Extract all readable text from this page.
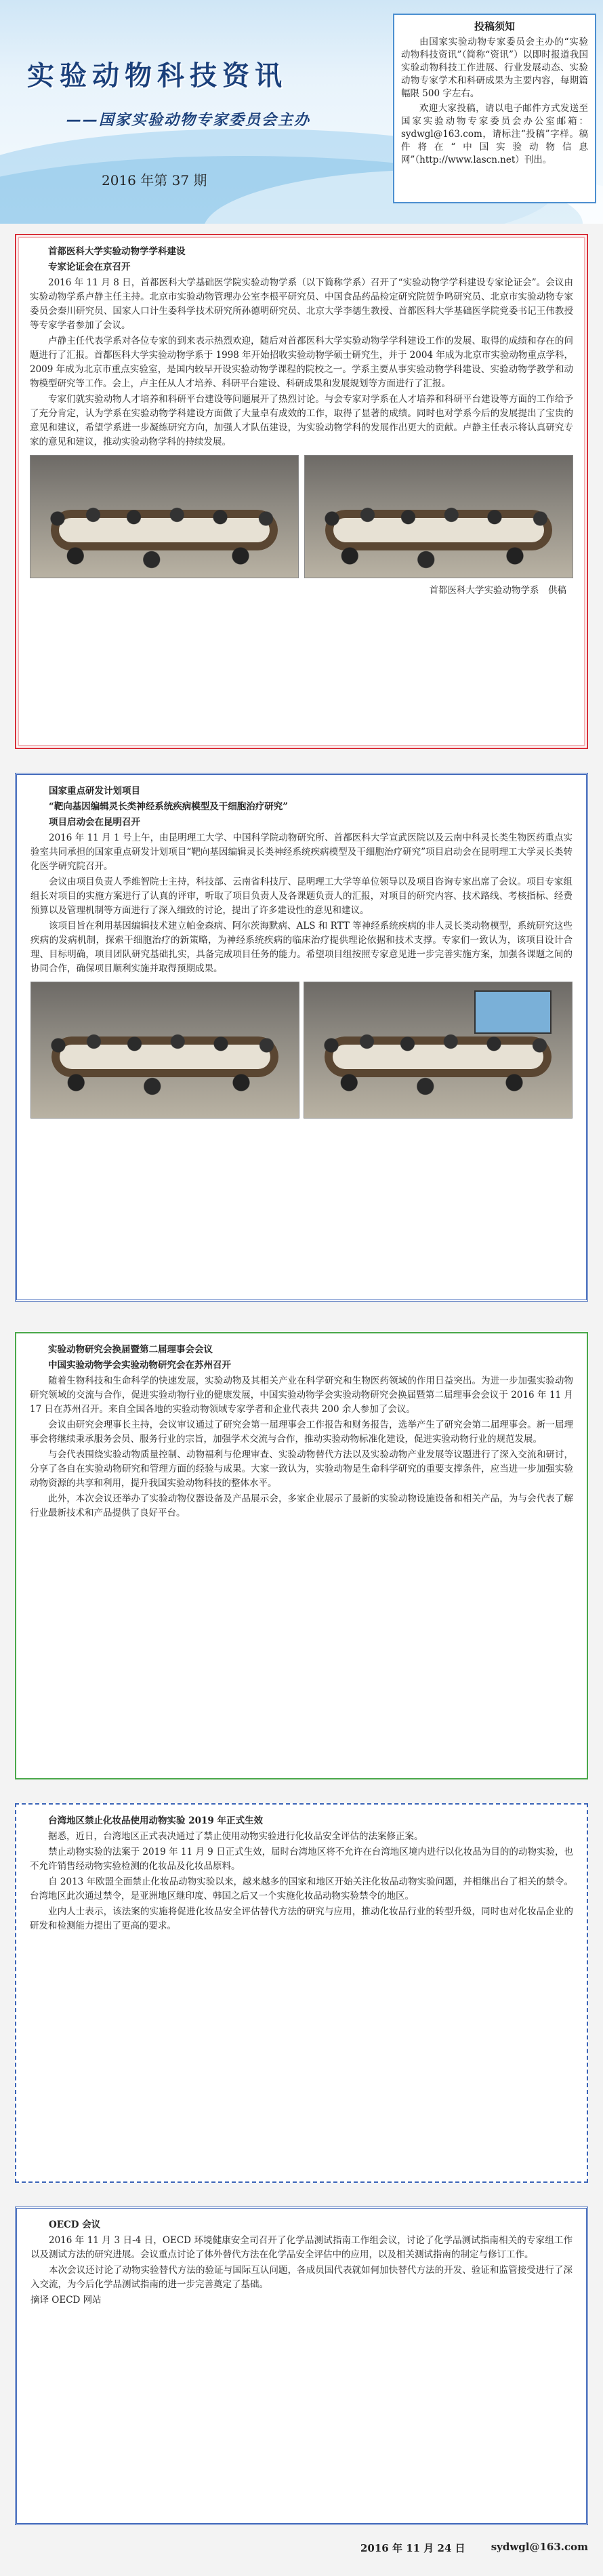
实验动物科技资讯
——国家实验动物专家委员会主办
2016 年第 37 期
投稿须知

由国家实验动物专家委员会主办的“实验动物科技资讯”（简称“资讯”）以即时报道我国实验动物科技工作进展、行业发展动态、实验动物专家学术和科研成果为主要内容，每期篇幅限 500 字左右。

欢迎大家投稿，请以电子邮件方式发送至国家实验动物专家委员会办公室邮箱：sydwgl@163.com，请标注“投稿”字样。稿件将在“中国实验动物信息网”（http://www.lascn.net）刊出。

首都医科大学实验动物学学科建设

专家论证会在京召开

2016 年 11 月 8 日，首都医科大学基础医学院实验动物学系（以下简称学系）召开了“实验动物学学科建设专家论证会”。会议由实验动物学系卢静主任主持。北京市实验动物管理办公室李根平研究员、中国食品药品检定研究院贺争鸣研究员、北京市实验动物专家委员会秦川研究员、国家人口计生委科学技术研究所孙德明研究员、北京大学李德生教授、首都医科大学基础医学院党委书记王伟教授等专家学者参加了会议。

卢静主任代表学系对各位专家的到来表示热烈欢迎，随后对首都医科大学实验动物学学科建设工作的发展、取得的成绩和存在的问题进行了汇报。首都医科大学实验动物学系于 1998 年开始招收实验动物学硕士研究生，并于 2004 年成为北京市实验动物重点学科，2009 年成为北京市重点实验室，是国内较早开设实验动物学课程的院校之一。学系主要从事实验动物学科建设、实验动物学教学和动物模型研究等工作。会上，卢主任从人才培养、科研平台建设、科研成果和发展规划等方面进行了汇报。

专家们就实验动物人才培养和科研平台建设等问题展开了热烈讨论。与会专家对学系在人才培养和科研平台建设等方面的工作给予了充分肯定，认为学系在实验动物学科建设方面做了大量卓有成效的工作，取得了显著的成绩。同时也对学系今后的发展提出了宝贵的意见和建议，希望学系进一步凝练研究方向，加强人才队伍建设，为实验动物学科的发展作出更大的贡献。卢静主任表示将认真研究专家的意见和建议，推动实验动物学科的持续发展。

首都医科大学实验动物学系　供稿

国家重点研发计划项目

“靶向基因编辑灵长类神经系统疾病模型及干细胞治疗研究”

项目启动会在昆明召开

2016 年 11 月 1 号上午，由昆明理工大学、中国科学院动物研究所、首都医科大学宣武医院以及云南中科灵长类生物医药重点实验室共同承担的国家重点研发计划项目“靶向基因编辑灵长类神经系统疾病模型及干细胞治疗研究”项目启动会在昆明理工大学灵长类转化医学研究院召开。

会议由项目负责人季维智院士主持，科技部、云南省科技厅、昆明理工大学等单位领导以及项目咨询专家出席了会议。项目专家组组长对项目的实施方案进行了认真的评审，听取了项目负责人及各课题负责人的汇报，对项目的研究内容、技术路线、考核指标、经费预算以及管理机制等方面进行了深入细致的讨论，提出了许多建设性的意见和建议。

该项目旨在利用基因编辑技术建立帕金森病、阿尔茨海默病、ALS 和 RTT 等神经系统疾病的非人灵长类动物模型，系统研究这些疾病的发病机制，探索干细胞治疗的新策略，为神经系统疾病的临床治疗提供理论依据和技术支撑。专家们一致认为，该项目设计合理、目标明确，项目团队研究基础扎实，具备完成项目任务的能力。希望项目组按照专家意见进一步完善实施方案，加强各课题之间的协同合作，确保项目顺利实施并取得预期成果。

实验动物研究会换届暨第二届理事会会议

中国实验动物学会实验动物研究会在苏州召开

随着生物科技和生命科学的快速发展，实验动物及其相关产业在科学研究和生物医药领域的作用日益突出。为进一步加强实验动物研究领域的交流与合作，促进实验动物行业的健康发展，中国实验动物学会实验动物研究会换届暨第二届理事会会议于 2016 年 11 月 17 日在苏州召开。来自全国各地的实验动物领域专家学者和企业代表共 200 余人参加了会议。

会议由研究会理事长主持，会议审议通过了研究会第一届理事会工作报告和财务报告，选举产生了研究会第二届理事会。新一届理事会将继续秉承服务会员、服务行业的宗旨，加强学术交流与合作，推动实验动物标准化建设，促进实验动物行业的规范发展。

与会代表围绕实验动物质量控制、动物福利与伦理审查、实验动物替代方法以及实验动物产业发展等议题进行了深入交流和研讨，分享了各自在实验动物研究和管理方面的经验与成果。大家一致认为，实验动物是生命科学研究的重要支撑条件，应当进一步加强实验动物资源的共享和利用，提升我国实验动物科技的整体水平。

此外，本次会议还举办了实验动物仪器设备及产品展示会，多家企业展示了最新的实验动物设施设备和相关产品，为与会代表了解行业最新技术和产品提供了良好平台。

台湾地区禁止化妆品使用动物实验 2019 年正式生效

据悉，近日，台湾地区正式表决通过了禁止使用动物实验进行化妆品安全评估的法案修正案。

禁止动物实验的法案于 2019 年 11 月 9 日正式生效，届时台湾地区将不允许在台湾地区境内进行以化妆品为目的的动物实验，也不允许销售经动物实验检测的化妆品及化妆品原料。

自 2013 年欧盟全面禁止化妆品动物实验以来，越来越多的国家和地区开始关注化妆品动物实验问题，并相继出台了相关的禁令。台湾地区此次通过禁令，是亚洲地区继印度、韩国之后又一个实施化妆品动物实验禁令的地区。

业内人士表示，该法案的实施将促进化妆品安全评估替代方法的研究与应用，推动化妆品行业的转型升级，同时也对化妆品企业的研发和检测能力提出了更高的要求。

OECD 会议

2016 年 11 月 3 日-4 日，OECD 环境健康安全司召开了化学品测试指南工作组会议，讨论了化学品测试指南相关的专家组工作以及测试方法的研究进展。会议重点讨论了体外替代方法在化学品安全评估中的应用，以及相关测试指南的制定与修订工作。

本次会议还讨论了动物实验替代方法的验证与国际互认问题，各成员国代表就如何加快替代方法的开发、验证和监管接受进行了深入交流，为今后化学品测试指南的进一步完善奠定了基础。

摘译 OECD 网站

2016 年 11 月 24 日	sydwgl@163.com
